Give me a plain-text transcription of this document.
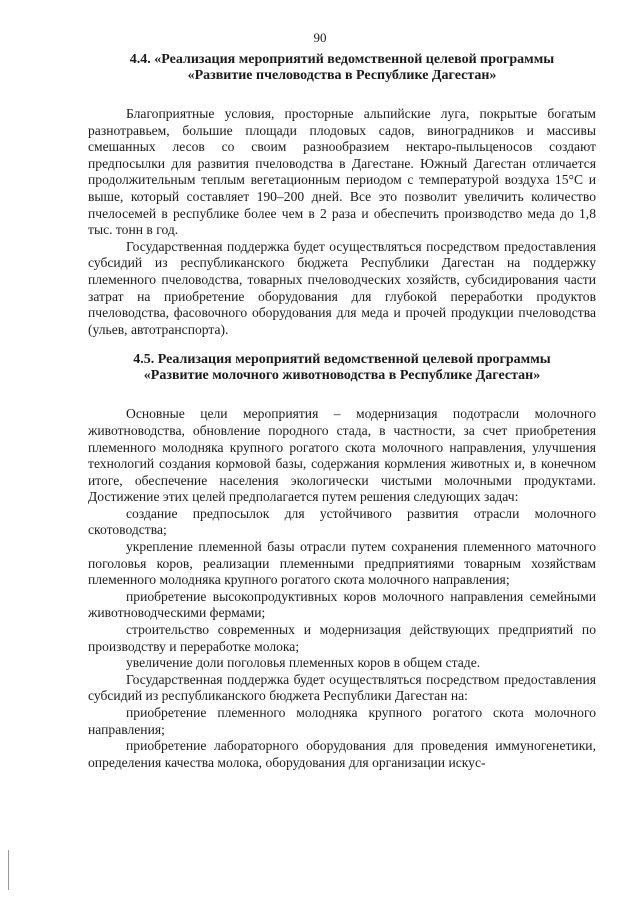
90
4.4. «Реализация мероприятий ведомственной целевой программы
«Развитие пчеловодства в Республике Дагестан»

Благоприятные условия, просторные альпийские луга, покрытые богатым разнотравьем, большие площади плодовых садов, виноградников и массивы смешанных лесов со своим разнообразием нектаро-пыльценосов создают предпосылки для развития пчеловодства в Дагестане. Южный Дагестан отличается продолжительным теплым вегетационным периодом с температурой воздуха 15°С и выше, который составляет 190–200 дней. Все это позволит увеличить количество пчелосемей в республике более чем в 2 раза и обеспечить производство меда до 1,8 тыс. тонн в год.

Государственная поддержка будет осуществляться посредством предоставления субсидий из республиканского бюджета Республики Дагестан на поддержку племенного пчеловодства, товарных пчеловодческих хозяйств, субсидирования части затрат на приобретение оборудования для глубокой переработки продуктов пчеловодства, фасовочного оборудования для меда и прочей продукции пчеловодства (ульев, автотранспорта).

4.5. Реализация мероприятий ведомственной целевой программы
«Развитие молочного животноводства в Республике Дагестан»

Основные цели мероприятия – модернизация подотрасли молочного животноводства, обновление породного стада, в частности, за счет приобретения племенного молодняка крупного рогатого скота молочного направления, улучшения технологий создания кормовой базы, содержания кормления животных и, в конечном итоге, обеспечение населения экологически чистыми молочными продуктами. Достижение этих целей предполагается путем решения следующих задач:

создание предпосылок для устойчивого развития отрасли молочного скотоводства;

укрепление племенной базы отрасли путем сохранения племенного маточного поголовья коров, реализации племенными предприятиями товарным хозяйствам племенного молодняка крупного рогатого скота молочного направления;

приобретение высокопродуктивных коров молочного направления семейными животноводческими фермами;

строительство современных и модернизация действующих предприятий по производству и переработке молока;

увеличение доли поголовья племенных коров в общем стаде.

Государственная поддержка будет осуществляться посредством предоставления субсидий из республиканского бюджета Республики Дагестан на:

приобретение племенного молодняка крупного рогатого скота молочного направления;

приобретение лабораторного оборудования для проведения иммуногенетики, определения качества молока, оборудования для организации искус-
